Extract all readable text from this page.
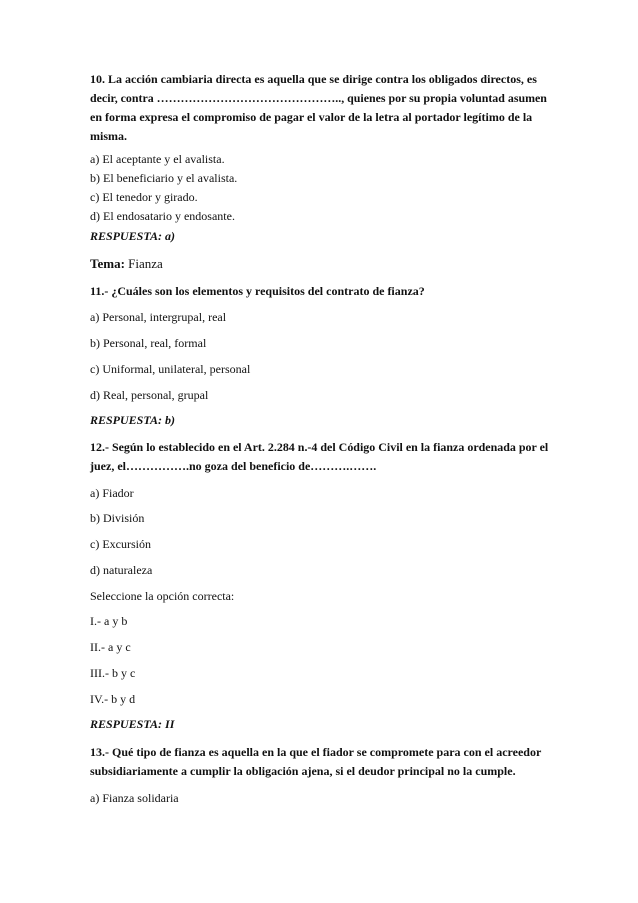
10. La acción cambiaria directa es aquella que se dirige contra los obligados directos, es

decir, contra ……………………………………….., quienes por su propia voluntad asumen

en forma expresa el compromiso de pagar el valor de la letra al portador legítimo de la

misma.

a) El aceptante y el avalista.

b) El beneficiario y el avalista.

c) El tenedor y girado.

d) El endosatario y endosante.

RESPUESTA: a)

Tema: Fianza

11.- ¿Cuáles son los elementos y requisitos del contrato de fianza?

a) Personal, intergrupal, real

b) Personal, real, formal

c) Uniformal, unilateral, personal

d) Real, personal, grupal

RESPUESTA: b)

12.- Según lo establecido en el Art. 2.284 n.-4 del Código Civil en la fianza ordenada por el

juez, el…………….no goza del beneficio de……….…….

a) Fiador

b) División

c) Excursión

d) naturaleza

Seleccione la opción correcta:

I.- a y b

II.- a y c

III.- b y c

IV.- b y d

RESPUESTA: II

13.- Qué tipo de fianza es aquella en la que el fiador se compromete para con el acreedor

subsidiariamente a cumplir la obligación ajena, si el deudor principal no la cumple.

a) Fianza solidaria
